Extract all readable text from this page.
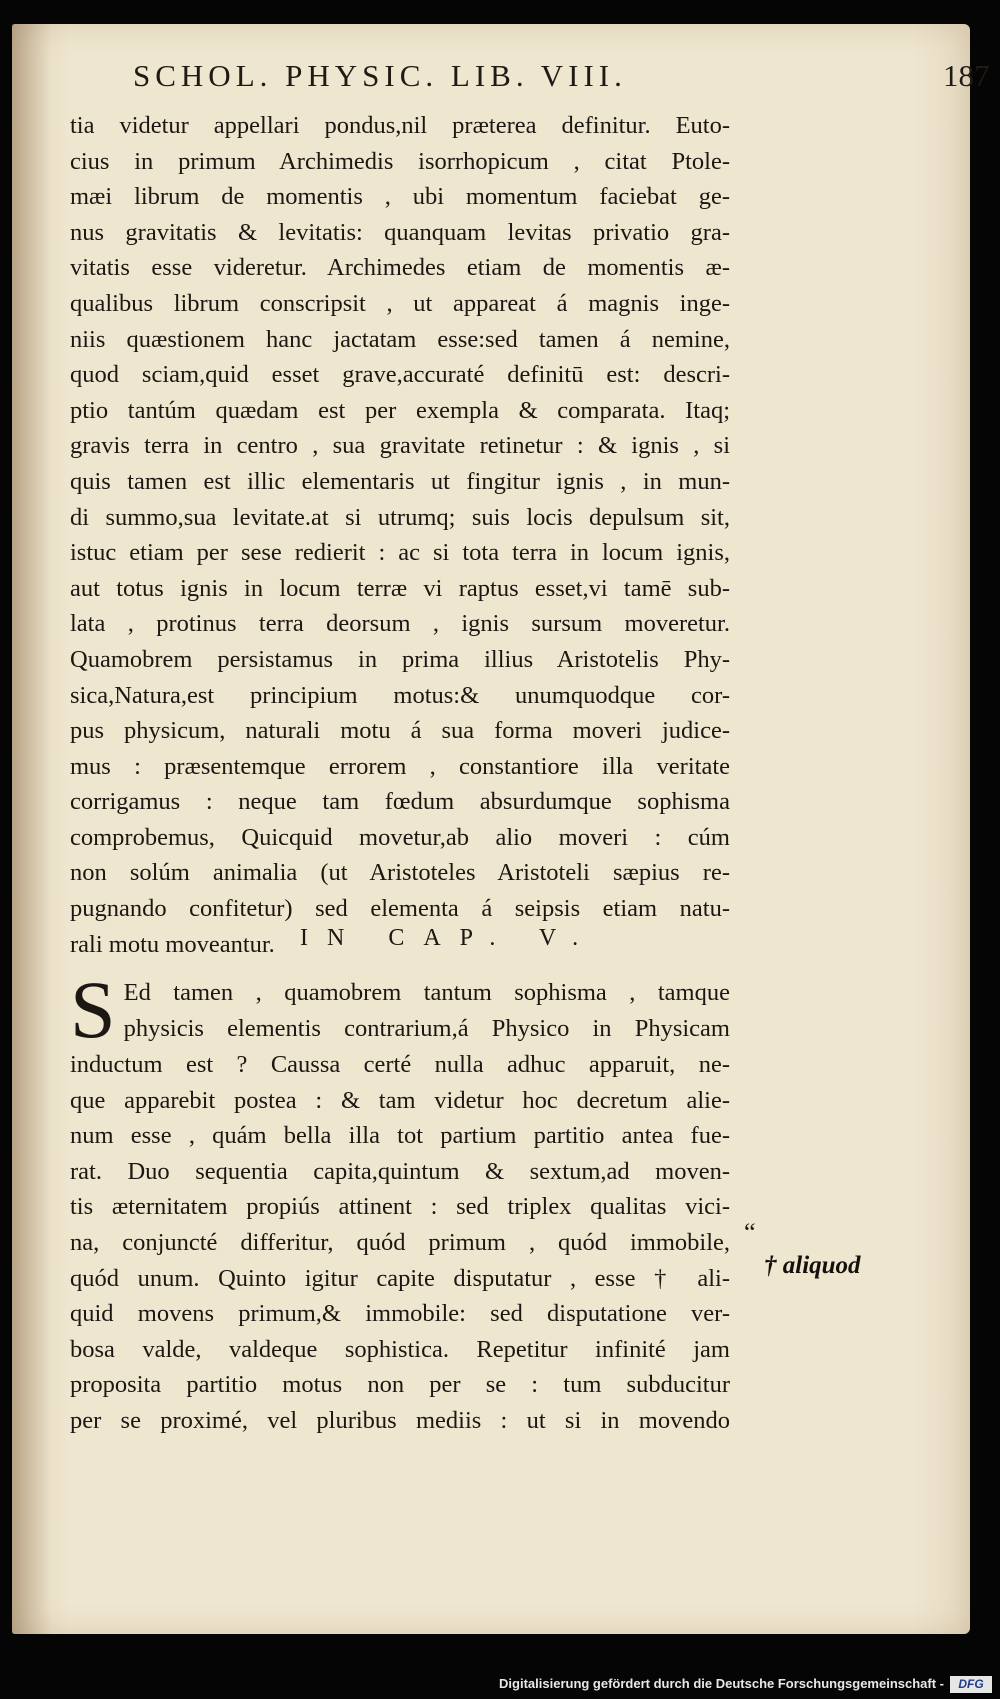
SCHOL. PHYSIC. LIB. VIII.	187
tia videtur appellari pondus,nil præterea definitur. Euto-
cius in primum Archimedis isorrhopicum , citat Ptole-
mæi librum de momentis , ubi momentum faciebat ge-
nus gravitatis & levitatis: quanquam levitas privatio gra-
vitatis esse videretur. Archimedes etiam de momentis æ-
qualibus librum conscripsit , ut appareat á magnis inge-
niis quæstionem hanc jactatam esse:sed tamen á nemine,
quod sciam,quid esset grave,accuraté definitū est: descri-
ptio tantúm quædam est per exempla & comparata. Itaq;
gravis terra in centro , sua gravitate retinetur : & ignis , si
quis tamen est illic elementaris ut fingitur ignis , in mun-
di summo,sua levitate.at si utrumq; suis locis depulsum sit,
istuc etiam per sese redierit : ac si tota terra in locum ignis,
aut totus ignis in locum terræ vi raptus esset,vi tamē sub-
lata , protinus terra deorsum , ignis sursum moveretur.
Quamobrem persistamus in prima illius Aristotelis Phy-
sica,Natura,est principium motus:& unumquodque cor-
pus physicum, naturali motu á sua forma moveri judice-
mus : præsentemque errorem , constantiore illa veritate
corrigamus : neque tam fœdum absurdumque sophisma
comprobemus, Quicquid movetur,ab alio moveri : cúm
non solúm animalia (ut Aristoteles Aristoteli sæpius re-
pugnando confitetur) sed elementa á seipsis etiam natu-
rali motu moveantur.	IN CAP. V.
S Ed tamen , quamobrem tantum sophisma , tamque
physicis elementis contrarium,á Physico in Physicam
inductum est ? Caussa certé nulla adhuc apparuit, ne-
que apparebit postea : & tam videtur hoc decretum alie-
num esse , quám bella illa tot partium partitio antea fue-
rat. Duo sequentia capita,quintum & sextum,ad moven-
tis æternitatem propiús attinent : sed triplex qualitas vici-
na, conjuncté differitur, quód primum , quód immobile,
quód unum. Quinto igitur capite disputatur , esse † ali-
quid movens primum,& immobile: sed disputatione ver-
bosa valde, valdeque sophistica. Repetitur infinité jam
proposita partitio motus non per se : tum subducitur
per se proximé, vel pluribus mediis : ut si in movendo
“
† aliquod
Digitalisierung gefördert durch die Deutsche Forschungsgemeinschaft -	DFG
